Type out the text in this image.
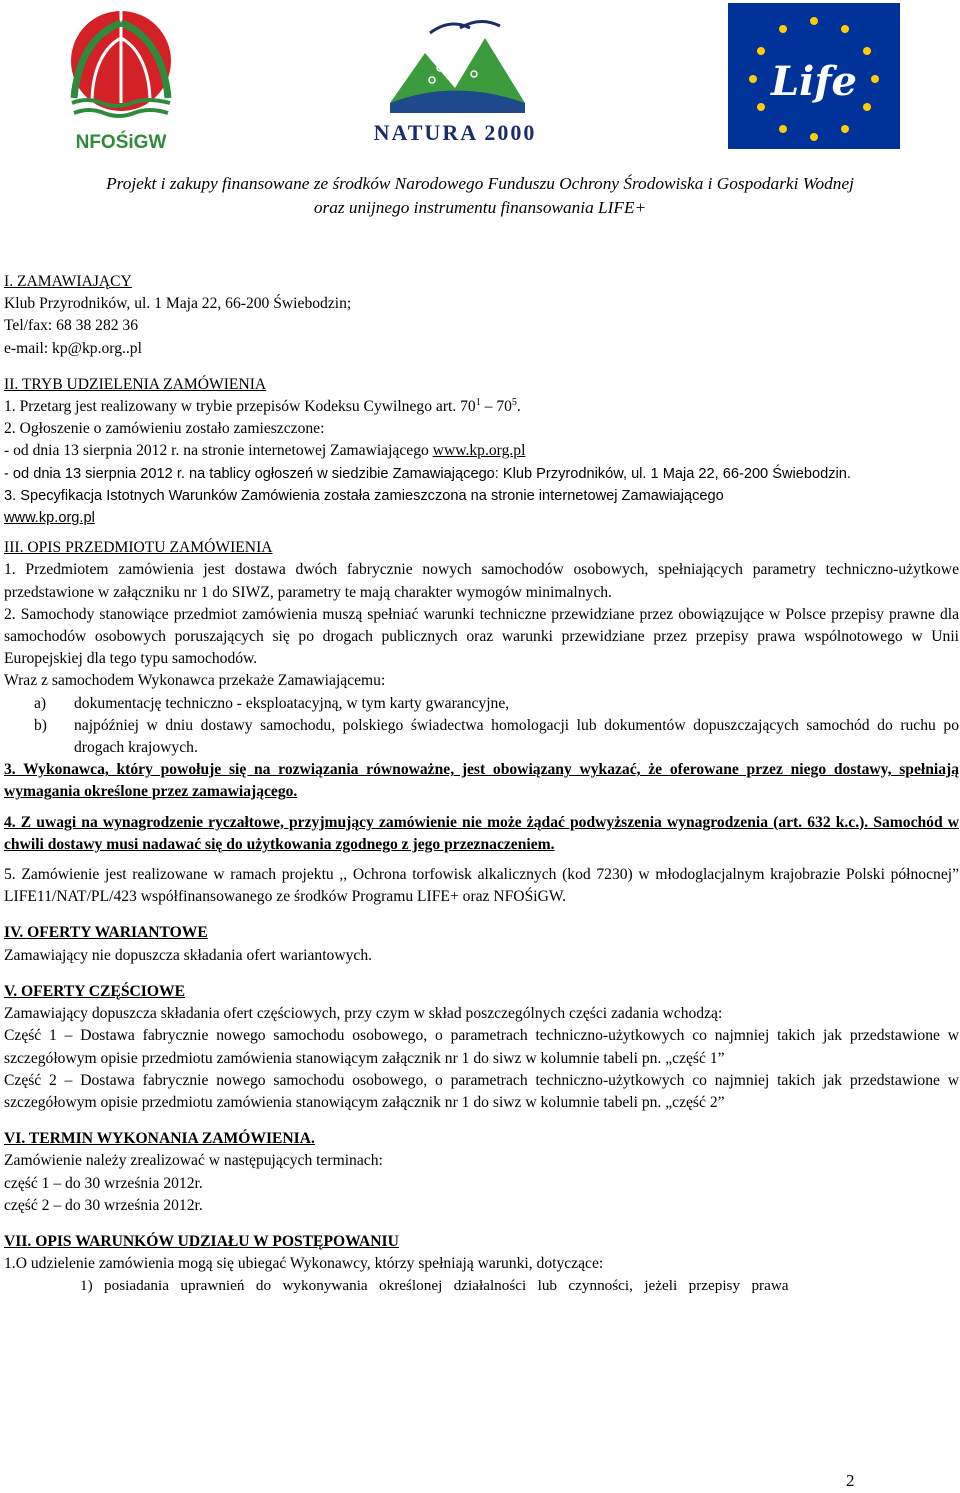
NFOŚiGW	NATURA 2000
Life
Projekt i zakupy finansowane ze środków Narodowego Funduszu Ochrony Środowiska i Gospodarki Wodnej
oraz unijnego instrumentu finansowania LIFE+

I. ZAMAWIAJĄCY

Klub Przyrodników, ul. 1 Maja 22, 66-200 Świebodzin;

Tel/fax: 68 38 282 36

e-mail: kp@kp.org..pl

II. TRYB UDZIELENIA ZAMÓWIENIA

1. Przetarg jest realizowany w trybie przepisów Kodeksu Cywilnego art. $70^1 - 70^5$.

2. Ogłoszenie o zamówieniu zostało zamieszczone:

- od dnia 13 sierpnia 2012 r. na stronie internetowej Zamawiającego www.kp.org.pl

- od dnia 13 sierpnia 2012 r. na tablicy ogłoszeń w siedzibie Zamawiającego: Klub Przyrodników, ul. 1 Maja 22, 66-200 Świebodzin.

3. Specyfikacja Istotnych Warunków Zamówienia została zamieszczona na stronie internetowej Zamawiającego

www.kp.org.pl

III. OPIS PRZEDMIOTU ZAMÓWIENIA

1. Przedmiotem zamówienia jest dostawa dwóch fabrycznie nowych samochodów osobowych, spełniających parametry techniczno-użytkowe przedstawione w załączniku nr 1 do SIWZ, parametry te mają charakter wymogów minimalnych.

2. Samochody stanowiące przedmiot zamówienia muszą spełniać warunki techniczne przewidziane przez obowiązujące w Polsce przepisy prawne dla samochodów osobowych poruszających się po drogach publicznych oraz warunki przewidziane przez przepisy prawa wspólnotowego w Unii Europejskiej dla tego typu samochodów.

Wraz z samochodem Wykonawca przekaże Zamawiającemu:

a)	dokumentację techniczno - eksploatacyjną, w tym karty gwarancyjne,
b)	najpóźniej w dniu dostawy samochodu, polskiego świadectwa homologacji lub dokumentów dopuszczających samochód do ruchu po drogach krajowych.

3. Wykonawca, który powołuje się na rozwiązania równoważne, jest obowiązany wykazać, że oferowane przez niego dostawy, spełniają wymagania określone przez zamawiającego.

4. Z uwagi na wynagrodzenie ryczałtowe, przyjmujący zamówienie nie może żądać podwyższenia wynagrodzenia (art. 632 k.c.). Samochód w chwili dostawy musi nadawać się do użytkowania zgodnego z jego przeznaczeniem.

5. Zamówienie jest realizowane w ramach projektu ,, Ochrona torfowisk alkalicznych (kod 7230) w młodoglacjalnym krajobrazie Polski północnej” LIFE11/NAT/PL/423 współfinansowanego ze środków Programu LIFE+ oraz NFOŚiGW.

IV. OFERTY WARIANTOWE

Zamawiający nie dopuszcza składania ofert wariantowych.

V. OFERTY CZĘŚCIOWE

Zamawiający dopuszcza składania ofert częściowych, przy czym w skład poszczególnych części zadania wchodzą:

Część 1 – Dostawa fabrycznie nowego samochodu osobowego, o parametrach techniczno-użytkowych co najmniej takich jak przedstawione w szczegółowym opisie przedmiotu zamówienia stanowiącym załącznik nr 1 do siwz w kolumnie tabeli pn. „część 1”

Część 2 – Dostawa fabrycznie nowego samochodu osobowego, o parametrach techniczno-użytkowych co najmniej takich jak przedstawione w szczegółowym opisie przedmiotu zamówienia stanowiącym załącznik nr 1 do siwz w kolumnie tabeli pn. „część 2”

VI. TERMIN WYKONANIA ZAMÓWIENIA.

Zamówienie należy zrealizować w następujących terminach:

część 1 – do 30 września 2012r.

część 2 – do 30 września 2012r.

VII. OPIS WARUNKÓW UDZIAŁU W POSTĘPOWANIU

1.O udzielenie zamówienia mogą się ubiegać Wykonawcy, którzy spełniają warunki, dotyczące:

1)   posiadania   uprawnień   do   wykonywania   określonej   działalności   lub   czynności,   jeżeli   przepisy   prawa

2
